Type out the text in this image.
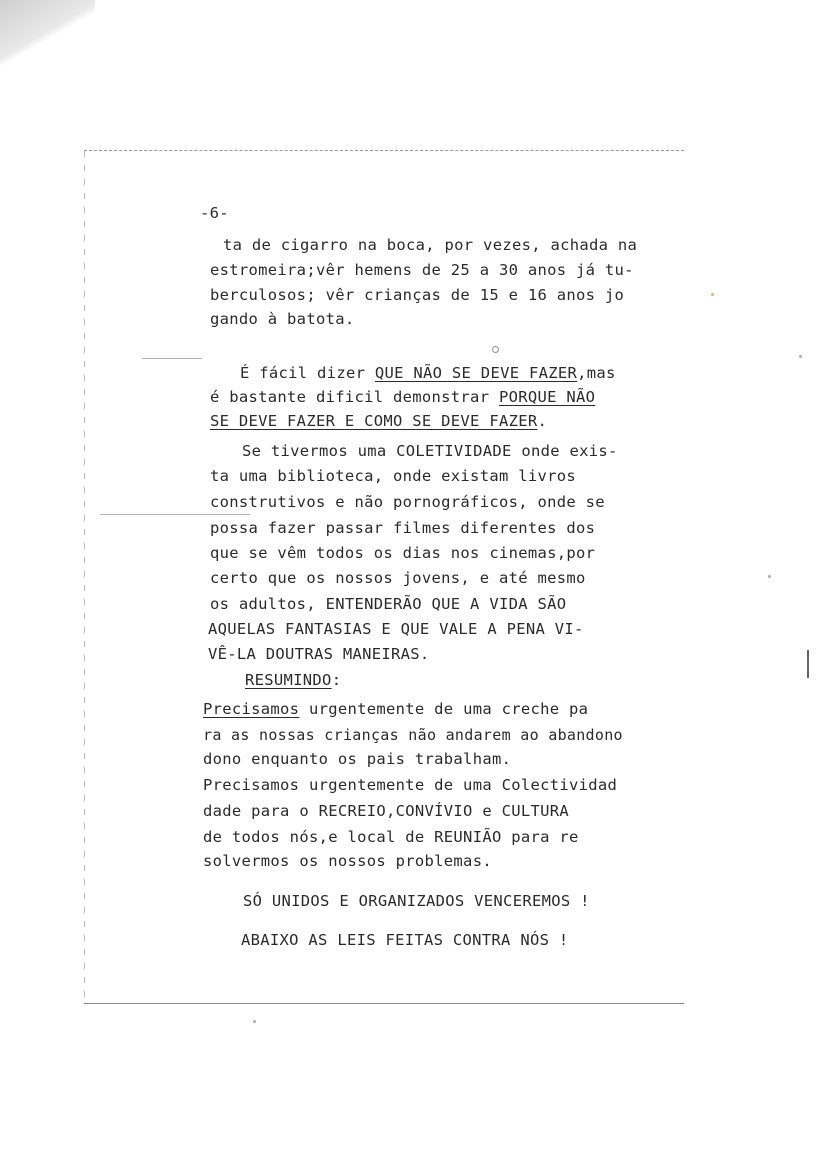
-6-
ta de cigarro na boca, por vezes, achada na
estromeira;vêr hemens de 25 a 30 anos já tu-
berculosos; vêr crianças de 15 e 16 anos jo
gando à batota.
É fácil dizer QUE NÃO SE DEVE FAZER,mas
é bastante dificil demonstrar PORQUE NÃO
SE DEVE FAZER E COMO SE DEVE FAZER.
Se tivermos uma COLETIVIDADE onde exis-
ta uma biblioteca, onde existam livros
construtivos e não pornográficos, onde se
possa fazer passar filmes diferentes dos
que se vêm todos os dias nos cinemas,por
certo que os nossos jovens, e até mesmo
os adultos, ENTENDERÃO QUE A VIDA SÃO
AQUELAS FANTASIAS E QUE VALE A PENA VI-
VÊ-LA DOUTRAS MANEIRAS.
RESUMINDO:
Precisamos urgentemente de uma creche pa
ra as nossas crianças não andarem ao abandono
dono enquanto os pais trabalham.
Precisamos urgentemente de uma Colectividad
dade para o RECREIO,CONVÍVIO e CULTURA
de todos nós,e local de REUNIÃO para re
solvermos os nossos problemas.
SÓ UNIDOS E ORGANIZADOS VENCEREMOS !
ABAIXO AS LEIS FEITAS CONTRA NÓS !
